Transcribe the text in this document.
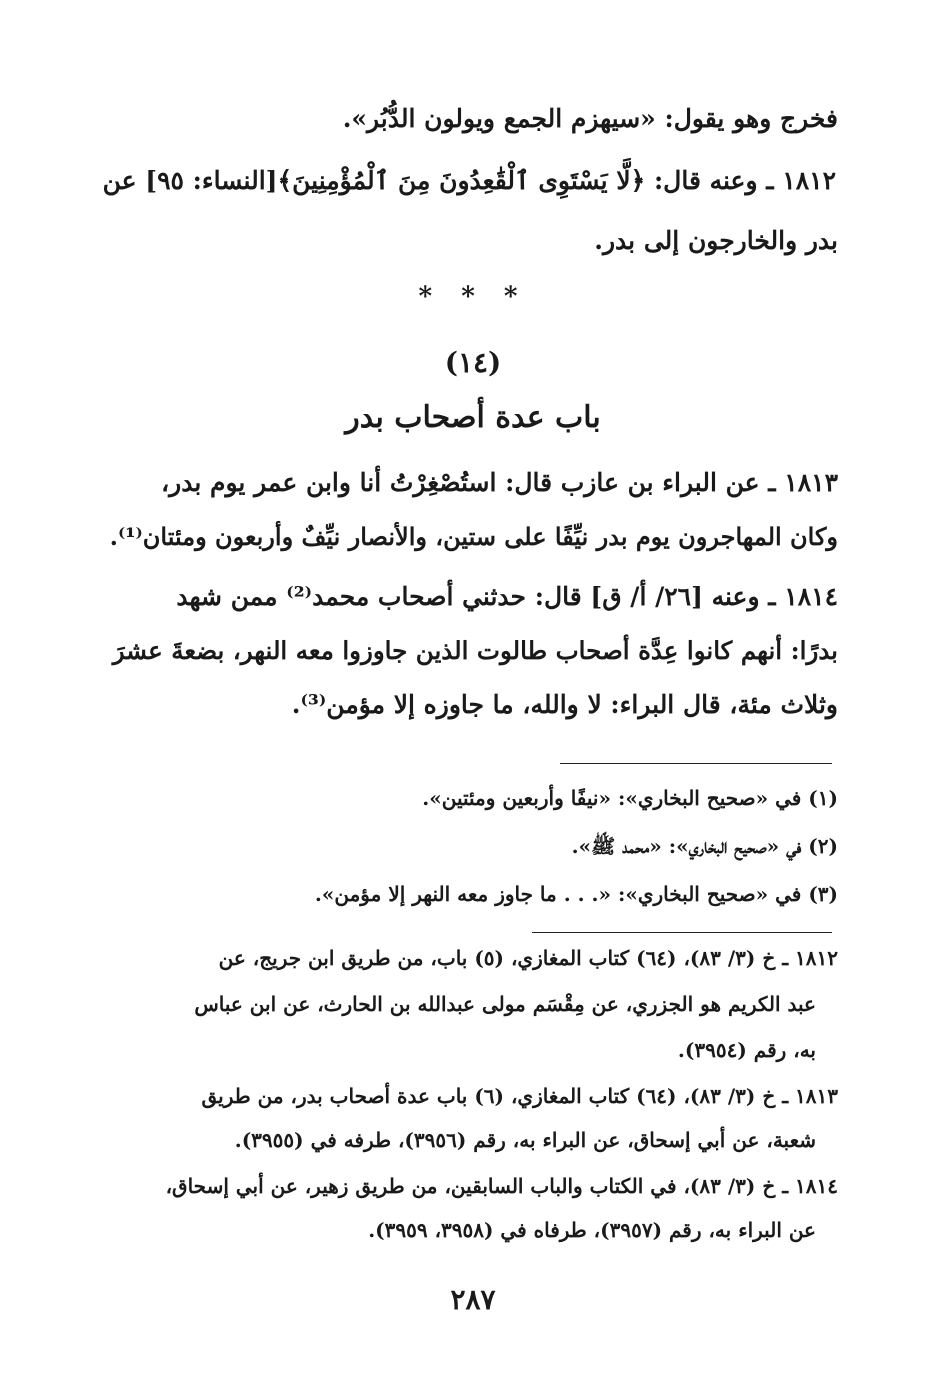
فخرج وهو يقول: «سيهزم الجمع ويولون الدُّبُر».
١٨١٢ ـ وعنه قال: ﴿لَّا يَسْتَوِى ٱلْقَٰعِدُونَ مِنَ ٱلْمُؤْمِنِينَ﴾[النساء: ٩٥] عن
بدر والخارجون إلى بدر.
* * *
(١٤)
باب عدة أصحاب بدر
١٨١٣ ـ عن البراء بن عازب قال: استُصْغِرْتُ أنا وابن عمر يوم بدر،
وكان المهاجرون يوم بدر نيِّفًا على ستين، والأنصار نيِّفٌ وأربعون ومئتان⁽¹⁾.
١٨١٤ ـ وعنه [٢٦/ أ/ ق] قال: حدثني أصحاب محمد⁽²⁾ ممن شهد
بدرًا: أنهم كانوا عِدَّة أصحاب طالوت الذين جاوزوا معه النهر، بضعةَ عشرَ
وثلاث مئة، قال البراء: لا والله، ما جاوزه إلا مؤمن⁽³⁾.
(١) في «صحيح البخاري»: «نيفًا وأربعين ومئتين».
(٢) في «صحيح البخاري»: «محمد ﷺ».
(٣) في «صحيح البخاري»: «. . . ما جاوز معه النهر إلا مؤمن».
١٨١٢ ـ خ (٣/ ٨٣)، (٦٤) كتاب المغازي، (٥) باب، من طريق ابن جريج، عن
عبد الكريم هو الجزري، عن مِقْسَم مولى عبدالله بن الحارث، عن ابن عباس
به، رقم (٣٩٥٤).
١٨١٣ ـ خ (٣/ ٨٣)، (٦٤) كتاب المغازي، (٦) باب عدة أصحاب بدر، من طريق
شعبة، عن أبي إسحاق، عن البراء به، رقم (٣٩٥٦)، طرفه في (٣٩٥٥).
١٨١٤ ـ خ (٣/ ٨٣)، في الكتاب والباب السابقين، من طريق زهير، عن أبي إسحاق،
عن البراء به، رقم (٣٩٥٧)، طرفاه في (٣٩٥٨، ٣٩٥٩).
٢٨٧
